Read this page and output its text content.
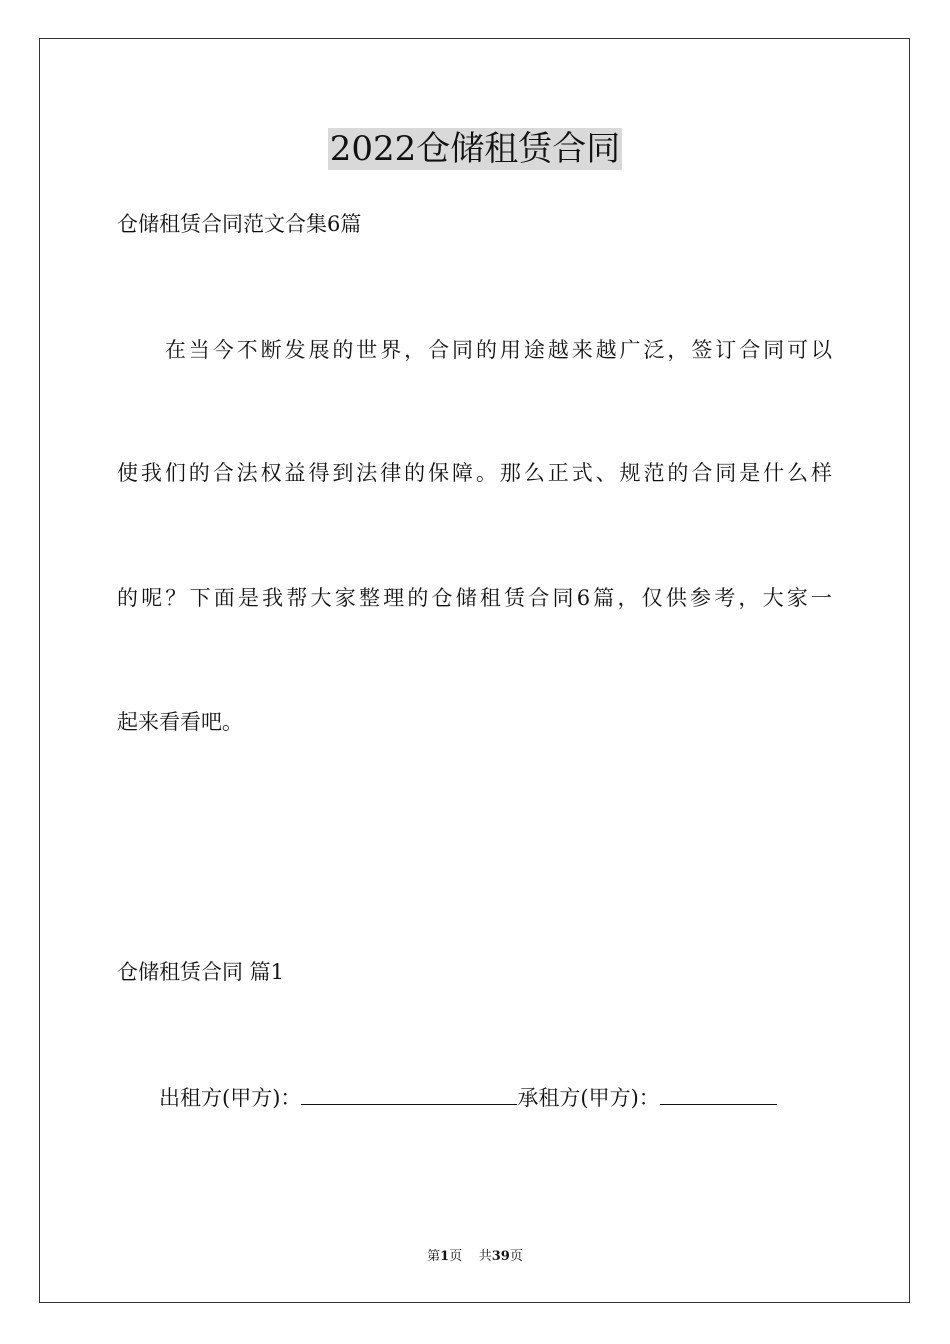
2022仓储租赁合同
仓储租赁合同范文合集6篇
　　在当今不断发展的世界，合同的用途越来越广泛，签订合同可以
使我们的合法权益得到法律的保障。那么正式、规范的合同是什么样
的呢？下面是我帮大家整理的仓储租赁合同6篇，仅供参考，大家一
起来看看吧。
仓储租赁合同 篇1
　　出租方(甲方)：	承租方(甲方)：
第1页    共39页
